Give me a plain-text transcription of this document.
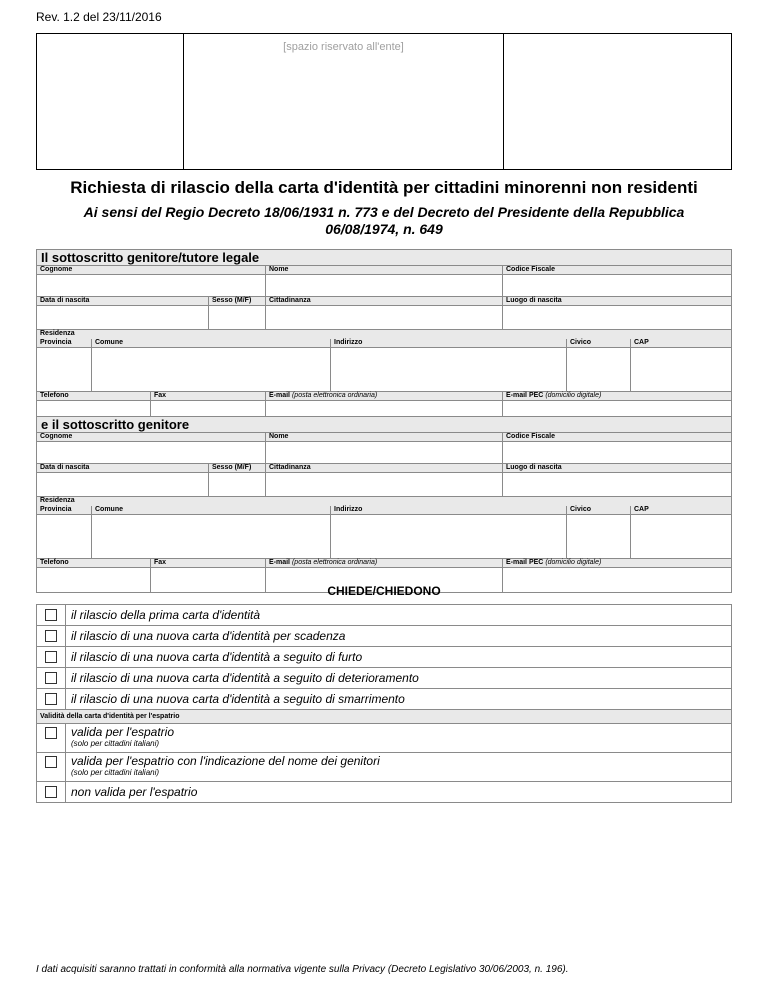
Rev. 1.2 del 23/11/2016
[spazio riservato all'ente]
Richiesta di rilascio della carta d'identità per cittadini minorenni non residenti
Ai sensi del Regio Decreto 18/06/1931 n. 773 e del Decreto del Presidente della Repubblica 06/08/1974, n. 649
Il sottoscritto genitore/tutore legale
Cognome	Nome	Codice Fiscale
Data di nascita	Sesso (M/F)	Cittadinanza	Luogo di nascita
Residenza
Provincia	Comune	Indirizzo	Civico	CAP
Telefono	Fax	E-mail (posta elettronica ordinaria)	E-mail PEC (domicilio digitale)
e il sottoscritto genitore
Cognome	Nome	Codice Fiscale
Data di nascita	Sesso (M/F)	Cittadinanza	Luogo di nascita
Residenza
Provincia	Comune	Indirizzo	Civico	CAP
Telefono	Fax	E-mail (posta elettronica ordinaria)	E-mail PEC (domicilio digitale)
CHIEDE/CHIEDONO
il rilascio della prima carta d'identità
il rilascio di una nuova carta d'identità per scadenza
il rilascio di una nuova carta d'identità a seguito di furto
il rilascio di una nuova carta d'identità a seguito di deterioramento
il rilascio di una nuova carta d'identità a seguito di smarrimento
Validità della carta d'identità per l'espatrio
valida per l'espatrio
(solo per cittadini italiani)
valida per l'espatrio con l'indicazione del nome dei genitori
(solo per cittadini italiani)
non valida per l'espatrio
I dati acquisiti saranno trattati in conformità alla normativa vigente sulla Privacy (Decreto Legislativo 30/06/2003, n. 196).
